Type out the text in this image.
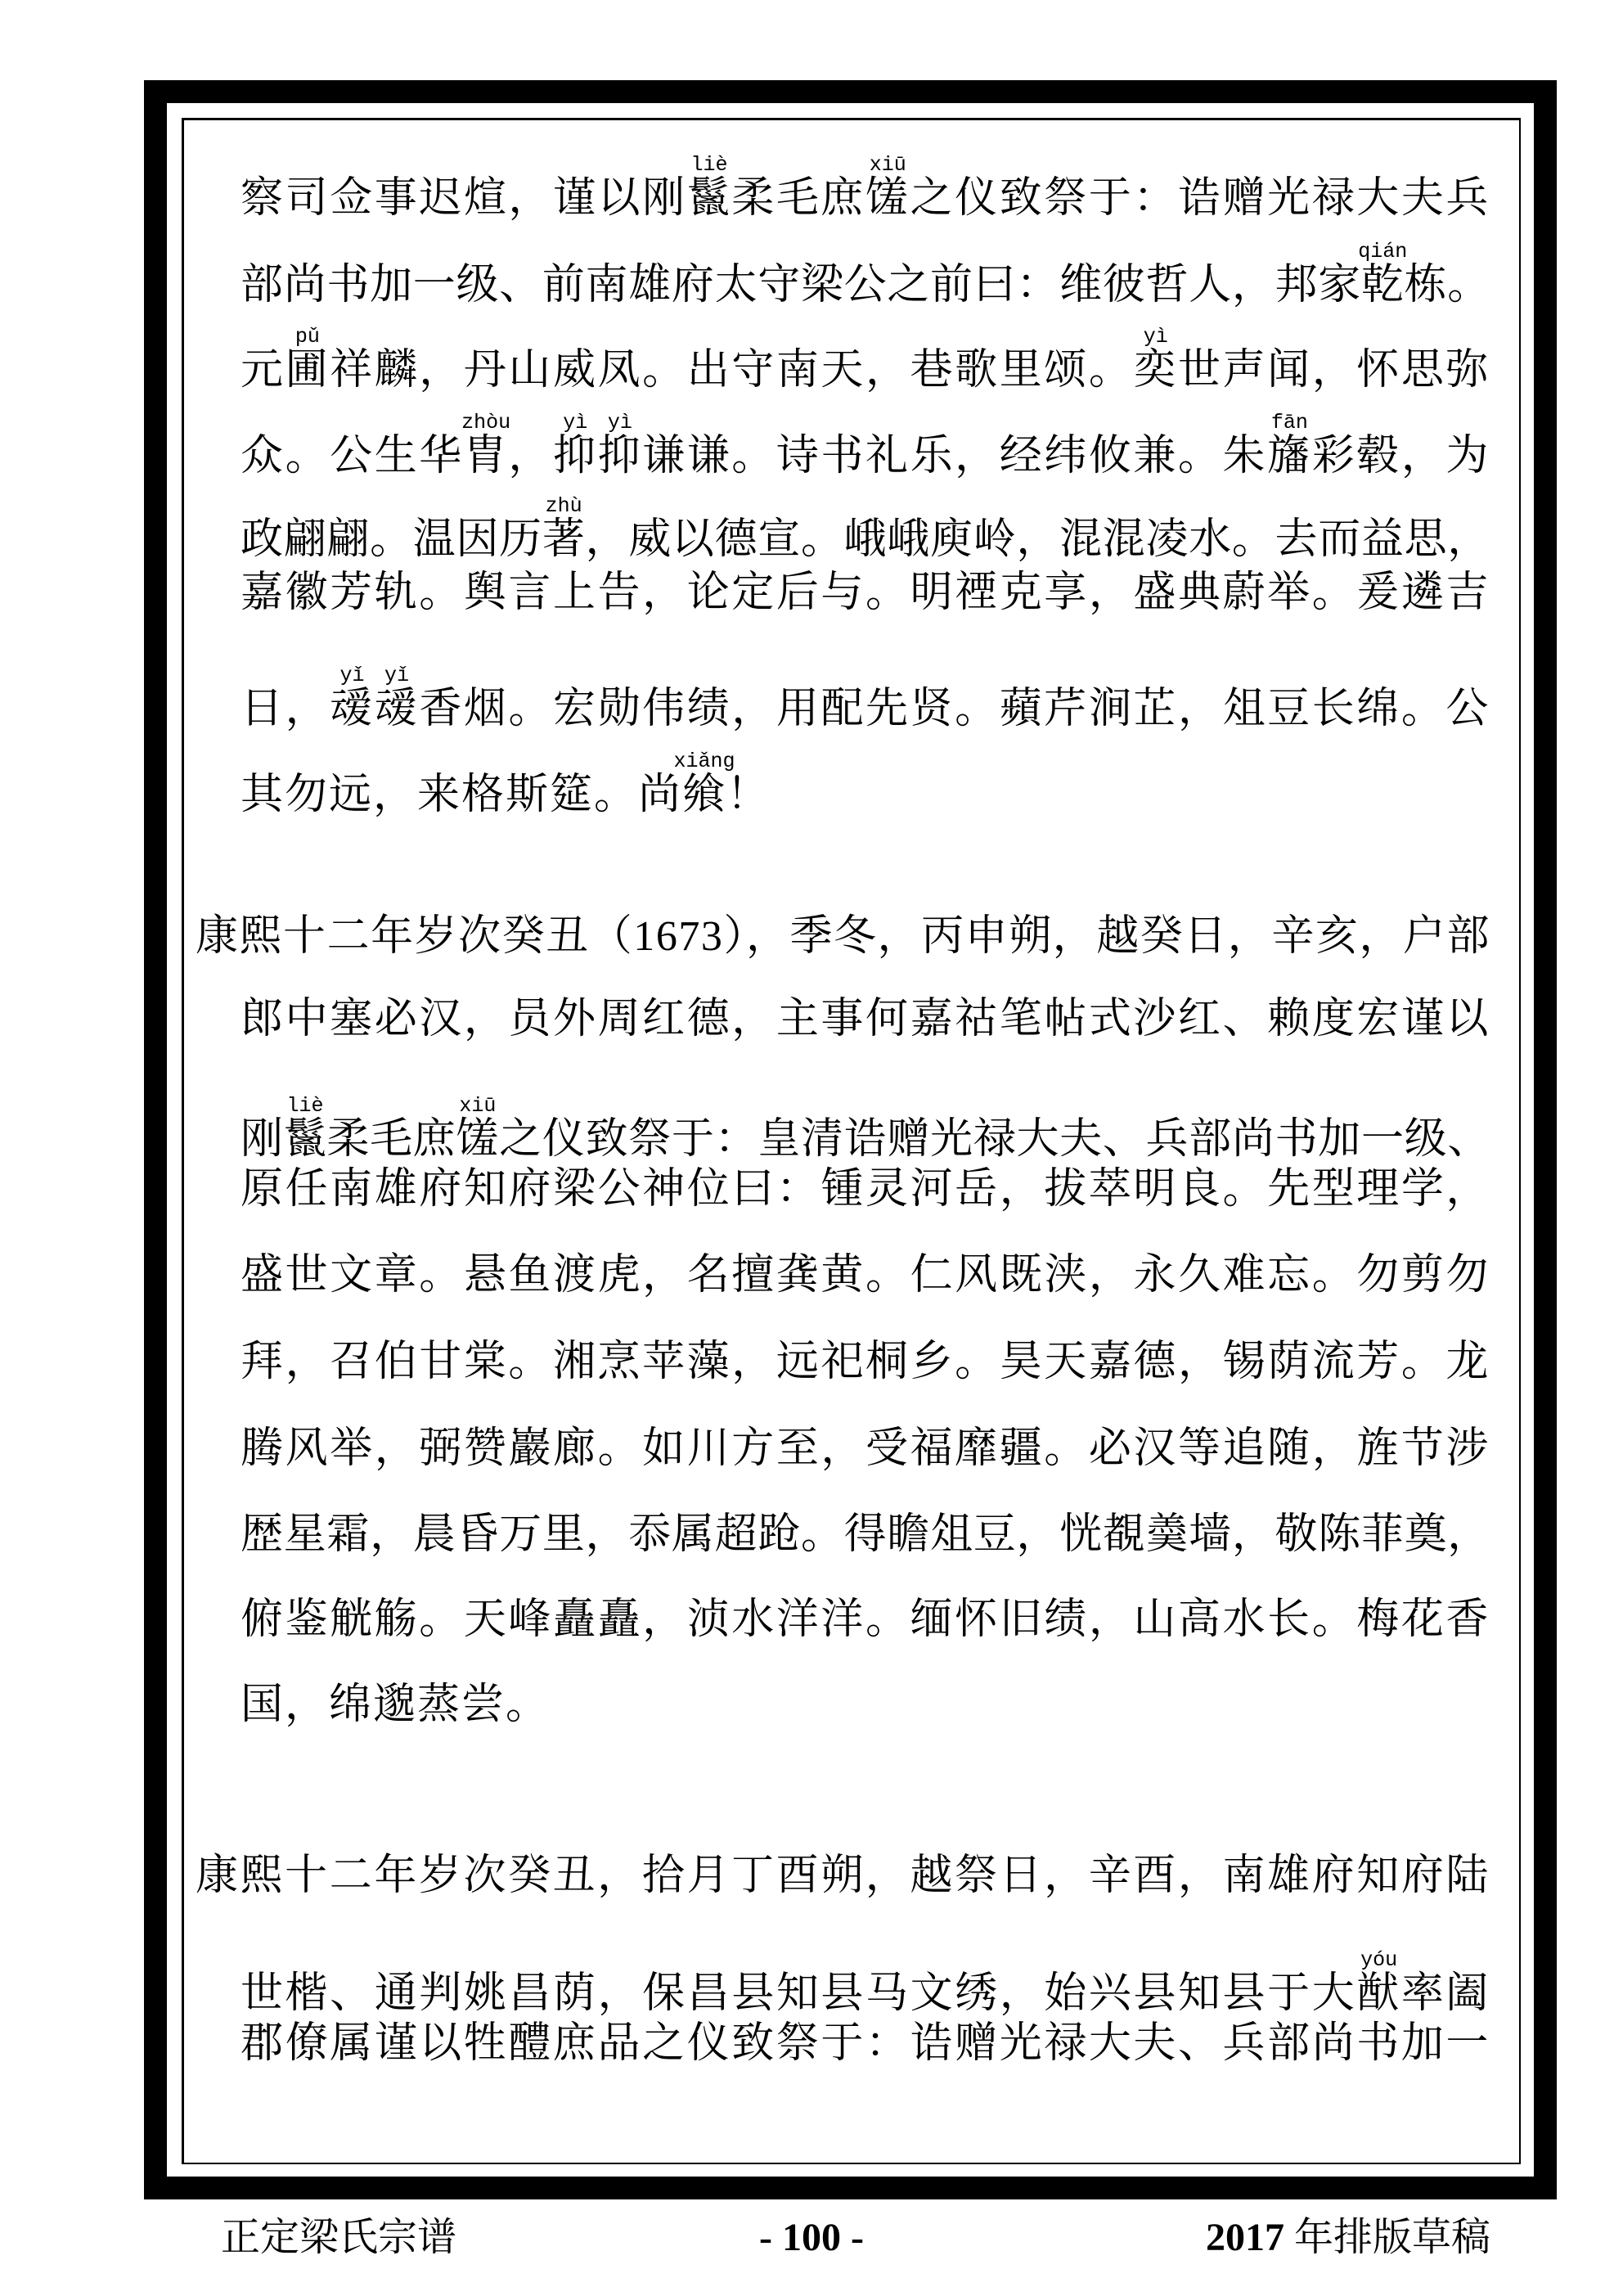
察司佥事迟煊，谨以刚鬣liè柔毛庶馐xiū之仪致祭于：诰赠光禄大夫兵
部尚书加一级、前南雄府太守梁公之前曰：维彼哲人，邦家乾qián栋。
元圃pǔ祥麟，丹山威凤。出守南天，巷歌里颂。奕yì世声闻，怀思弥
众。公生华胄zhòu，抑yì抑yì谦谦。诗书礼乐，经纬攸兼。朱旛fān彩毂，为
政翩翩。温因历著zhù，威以德宣。峨峨庾岭，混混凌水。去而益思，
嘉徽芳轨。舆言上告，论定后与。明禋克享，盛典蔚举。爰遴吉
日，叆yǐ叆yǐ香烟。宏勋伟绩，用配先贤。蘋芹涧芷，俎豆长绵。公
其勿远，来格斯筵。尚飨xiǎng！
康熙十二年岁次癸丑（1673），季冬，丙申朔，越癸日，辛亥，户部
郎中塞必汉，员外周红德，主事何嘉祜笔帖式沙红、赖度宏谨以
刚鬣liè柔毛庶馐xiū之仪致祭于：皇清诰赠光禄大夫、兵部尚书加一级、
原任南雄府知府梁公神位曰：锺灵河岳，拔萃明良。先型理学，
盛世文章。悬鱼渡虎，名擅龚黄。仁风既浃，永久难忘。勿剪勿
拜，召伯甘棠。湘烹苹藻，远祀桐乡。昊天嘉德，锡荫流芳。龙
腾风举，弼赞巖廊。如川方至，受福靡疆。必汉等追随，旌节涉
歴星霜，晨昏万里，忝属超跄。得瞻俎豆，恍覩羮墙，敬陈菲奠，
俯鉴觥觞。天峰矗矗，浈水洋洋。缅怀旧绩，山高水长。梅花香
国，绵邈蒸尝。
康熙十二年岁次癸丑，拾月丁酉朔，越祭日，辛酉，南雄府知府陆
世楷、通判姚昌荫，保昌县知县马文绣，始兴县知县于大猷yóu率阖
郡僚属谨以牲醴庶品之仪致祭于：诰赠光禄大夫、兵部尚书加一
正定梁氏宗谱	- 100 -	2017 年排版草稿
